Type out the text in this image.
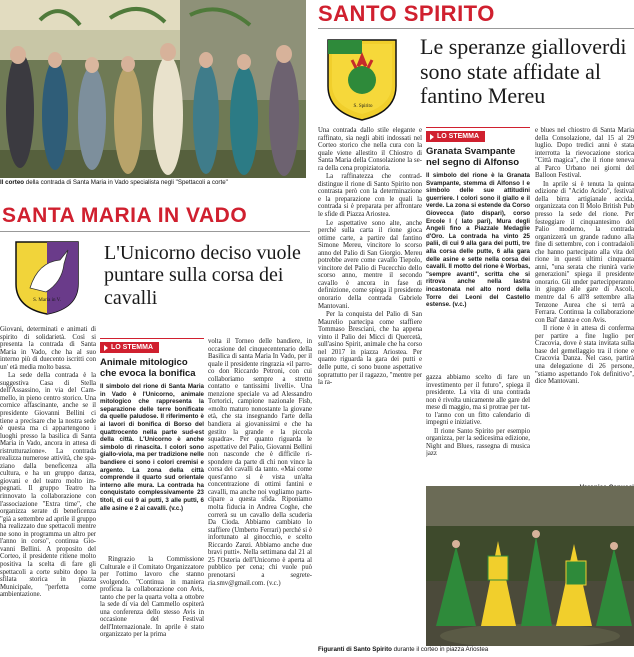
Il corteo della contrada di Santa Maria in Vado specialista negli "Spettacoli a corte"
SANTO SPIRITO
S. Spirito
Le speranze gialloverdi sono state affidate al fantino Mereu

Una contrada dallo stile elegante e raffinato, sia negli abiti indossati nel Corteo storico che nella cura con la quale viene allestito il Chiostro di Santa Maria della Consolazione la sera della cena propiziatoria.

La raffinatezza che contraddistingue il rione di Santo Spirito non contrasta però con la determinazione e la preparazione con le quali la contrada si è preparata per affrontare le sfide di Piazza Ariostea.

Le aspettative sono alte, anche perché sulla carta il rione gioca ottime carte, a partire dal fantino Simone Mereu, vincitore lo scorso anno del Palio di San Giorgio. Mereu potrebbe avere come cavallo Tiepolo, vincitore del Palio di Fucecchio dello scorso anno, mentre il secondo cavallo è ancora in fase di definizione, come spiega il presidente onorario della contrada Gabriele Mantovani.

Per la conquista del Palio di San Maurelio partecipa come staffiere Tommaso Bresciani, che ha appena vinto il Palio dei Micci di Quercetà, sull'asino Spirit, animale che ha corso nel 2017 in piazza Ariostea. Per quanto riguarda la gara dei putti e delle putte, ci sono buone aspettative soprattutto per il ragazzo, "mentre per la ra-

LO STEMMA
Granata Svampante nel segno di Alfonso
Il simbolo del rione è la Granata Svampante, stemma di Alfonso I e simbolo delle sue attitudini guerriere. I colori sono il giallo e il verde. La zona si estende da Corso Giovecca (lato dispari), corso Ercole I ( lato pari), Mura degli Angeli fino a Piazzale Medaglie d'Oro. La contrada ha vinto 25 palii, di cui 9 alla gara dei putti, tre alla corsa delle putte, 6 alla gara delle asine e sette nella corsa dei cavalli. Il motto del rione è Worbas, "sempre avanti", scritta che si ritrova anche nella lastra incastonata nel alto nord della Torre dei Leoni del Castello estense. (v.c.)

gazza abbiamo scelto di fare un investimento per il futuro", spiega il presidente. La vita di una contrada non è rivolta unicamente alle gare del mese di maggio, ma si protrae per tutto l'anno con un fitto calendario di impegni e iniziative.

Il rione Santo Spirito per esempio organizza, per la sedicesima edizione, Night and Blues, rassegna di musica jazz

e blues nel chiostro di Santa Maria della Consolazione, dal 15 al 29 luglio. Dopo tredici anni è stata interrotta la rievocazione storica "Città magica", che il rione teneva al Parco Urbano nei giorni del Balloon Festival.

In aprile si è tenuta la quinta edizione di "Acido Acido", festival della birra artigianale accida, organizzata con Il Molo British Pub presso la sede del rione. Per festeggiare il cinquantesimo del Palio moderno, la contrada organizzerà un grande raduno alla fine di settembre, con i contradaioli che hanno partecipato alla vita del rione in questi ultimi cinquanta anni, "una serata che riunirà varie generazioni" spiega il presidente onorario. Gli under partecipperanno in giugno alle gare di Ascoli, mentre dal 6 all'8 settembre alla Tenzone Aurea che si terrà a Ferrara. Continua la collaborazione con Bal' danza e con Avis.

Il rione è in attesa di conferma per partire a fine luglio per Cracovia, dove è stata invitata sulla base del gemellaggio tra il rione e Cracovia Danza. Nel caso, partirà una delegazione di 26 persone, "stiamo aspettando l'ok definitivo", dice Mantovani.

Figuranti di Santo Spirito durante il corteo in piazza Ariostea
SANTA MARIA IN VADO
S. Maria in V.
L'Unicorno deciso vuole puntare sulla corsa dei cavalli

Giovani, determinati e animati di spirito di solidarietà. Così si presenta la contrada di Santa Maria in Vado, che ha al suo interno più di duecento iscritti con un' età media molto bassa.

La sede della contrada è la suggestiva Casa di Stella dell'Assassino, in via del Cammello, in pieno centro storico. Una cornice affascinante, anche se il presidente Giovanni Bellini ci tiene a precisare che la nostra sede è questa ma ci appartengono i luoghi presso la basilica di Santa Maria in Vado, ancora in attesa di ristrutturazione». La contrada realizza numerose attività, che spaziano dalla beneficenza alla cultura, e ha un gruppo danza, giovani e del teatro molto impegnati. Il gruppo Teatro ha rinnovato la collaborazione con l'associazione "Extra time", che organizza serate di beneficenza "già a settembre ad aprile il gruppo ha realizzato due spettacoli mentre ne sono in programma un altro per l'anno in corso", continua Giovanni Bellini. A proposito del Corteo, il presidente ritiene molto positiva la scelta di fare gli spettacoli a corte subito dopo la sfilata storica in piazza Municipale, "perfetta come ambientazione.

LO STEMMA
Animale mitologico che evoca la bonifica
Il simbolo del rione di Santa Maria in Vado è l'Unicorno, animale mitologico che rappresenta la separazione delle terre bonificate da quelle paludose. Il riferimento è ai lavori di bonifica di Borso del quattrocento nella parte sud-est della città. L'Unicorno è anche simbolo di rinascita. I colori sono giallo-viola, ma per tradizione nelle bandiere ci sono i colori cremisi e argento. La zona della città comprende il quarto sud orientale interno alle mura. La contrada ha conquistato complessivamente 23 titoli, di cui 9 ai putti, 3 alle putti, 6 alle asine e 2 ai cavalli. (v.c.)

Ringrazio la Commissione Culturale e il Comitato Organizzatore per l'ottimo lavoro che stanno svolgendo. "Continua in maniera proficua la collaborazione con Avis, tanto che per la quarta volta a ottobre la sede di via del Cammello ospiterà una conferenza dello stesso Avis in occasione del Festival dell'Internazionale. In aprile è stato organizzato per la prima

volta il Torneo delle bandiere, in occasione del cinquecentenario della Basilica di santa Maria In Vado, per il quale il presidente ringrazia «il parroco don Riccardo Petroni, con cui collaboriamo sempre a stretto contatto e tantissimi livelli». Una menzione speciale va ad Alessandro Tortorici, campione nazionale Fisb, «molto maturo nonostante la giovane età, che sta insegnando l'arte della bandiera ai giovanissimi e che ha gestito la grande e la piccola squadra». Per quanto riguarda le aspettative del Palio, Giovanni Bellini non nasconde che è difficile rispondere da parte di chi non vince la corsa dei cavalli da tanto. «Mai come quest'anno si è vista un'alta concentrazione di ottimi fantini e cavalli, ma anche noi vogliamo partecipare a questa sfida. Riponiamo molta fiducia in Andrea Coghe, che correrà su un cavallo della scuderia Da Cioda. Abbiamo cambiato lo staffiere (Umberto Ferrari) perché si è infortunato al ginocchio, e scelto Riccardo Zanzi. Abbiamo anche due bravi putti». Nella settimana dal 21 al 25 l'Osteria dell'Unicorno è aperta al pubblico per cena; chi vuole può prenotarsi a segreteria.smv@gmail.com. (v.c.)
